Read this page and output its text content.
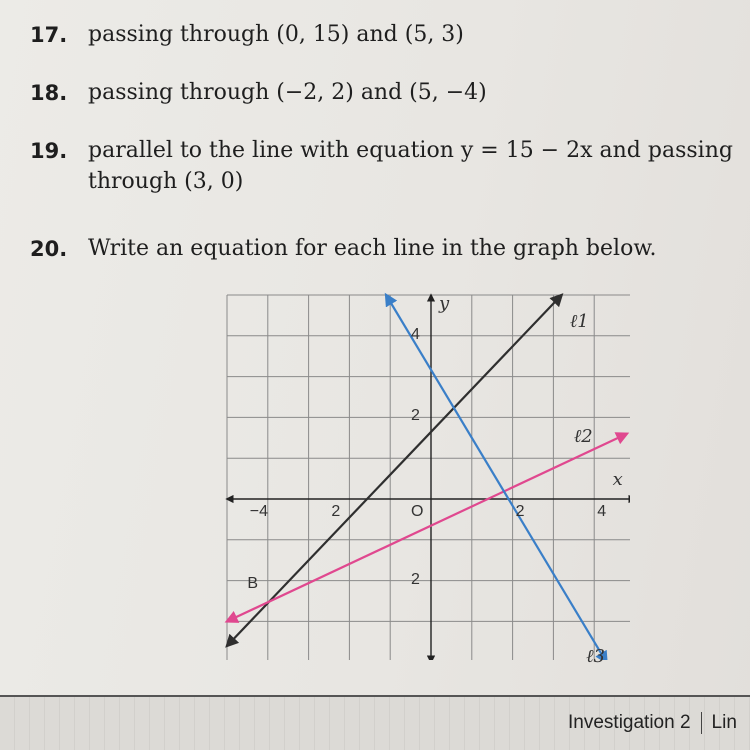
17. passing through (0, 15) and (5, 3)
18. passing through (−2, 2) and (5, −4)
19. parallel to the line with equation y = 15 − 2x and passing
through (3, 0)
20. Write an equation for each line in the graph below.
−4	2	2	4
4
2
2
O
x
y
B
ℓ1
ℓ2
ℓ3
Investigation 2 Lin
